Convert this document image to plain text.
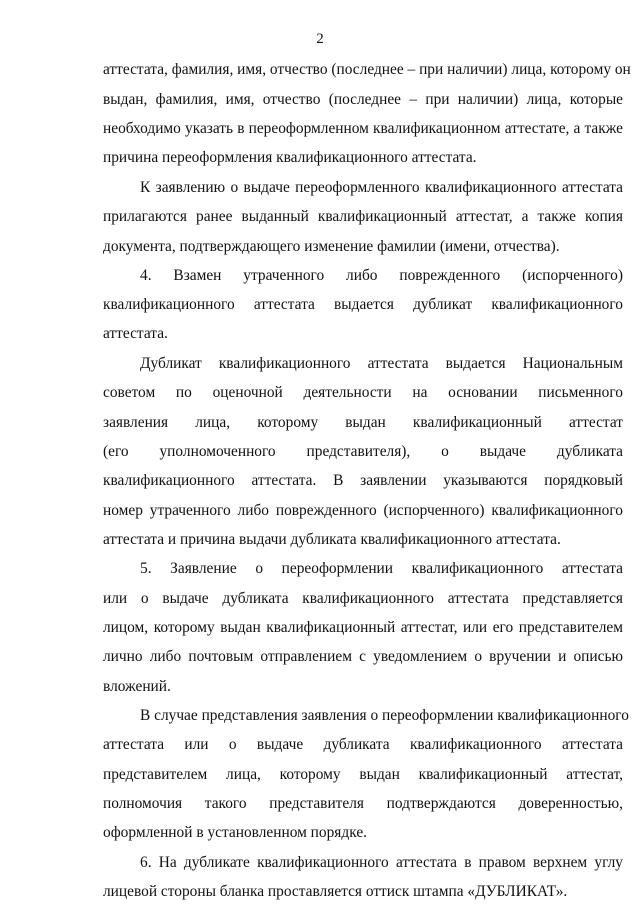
2
аттестата, фамилия, имя, отчество (последнее – при наличии) лица, которому он
выдан, фамилия, имя, отчество (последнее – при наличии) лица, которые
необходимо указать в переоформленном квалификационном аттестате, а также
причина переоформления квалификационного аттестата.
К заявлению о выдаче переоформленного квалификационного аттестата
прилагаются ранее выданный квалификационный аттестат, а также копия
документа, подтверждающего изменение фамилии (имени, отчества).
4. Взамен утраченного либо поврежденного (испорченного)
квалификационного аттестата выдается дубликат квалификационного
аттестата.
Дубликат квалификационного аттестата выдается Национальным
советом по оценочной деятельности на основании письменного
заявления лица, которому выдан квалификационный аттестат
(его уполномоченного представителя), о выдаче дубликата
квалификационного аттестата. В заявлении указываются порядковый
номер утраченного либо поврежденного (испорченного) квалификационного
аттестата и причина выдачи дубликата квалификационного аттестата.
5. Заявление о переоформлении квалификационного аттестата
или о выдаче дубликата квалификационного аттестата представляется
лицом, которому выдан квалификационный аттестат, или его представителем
лично либо почтовым отправлением с уведомлением о вручении и описью
вложений.
В случае представления заявления о переоформлении квалификационного
аттестата или о выдаче дубликата квалификационного аттестата
представителем лица, которому выдан квалификационный аттестат,
полномочия такого представителя подтверждаются доверенностью,
оформленной в установленном порядке.
6. На дубликате квалификационного аттестата в правом верхнем углу
лицевой стороны бланка проставляется оттиск штампа «ДУБЛИКАТ».
